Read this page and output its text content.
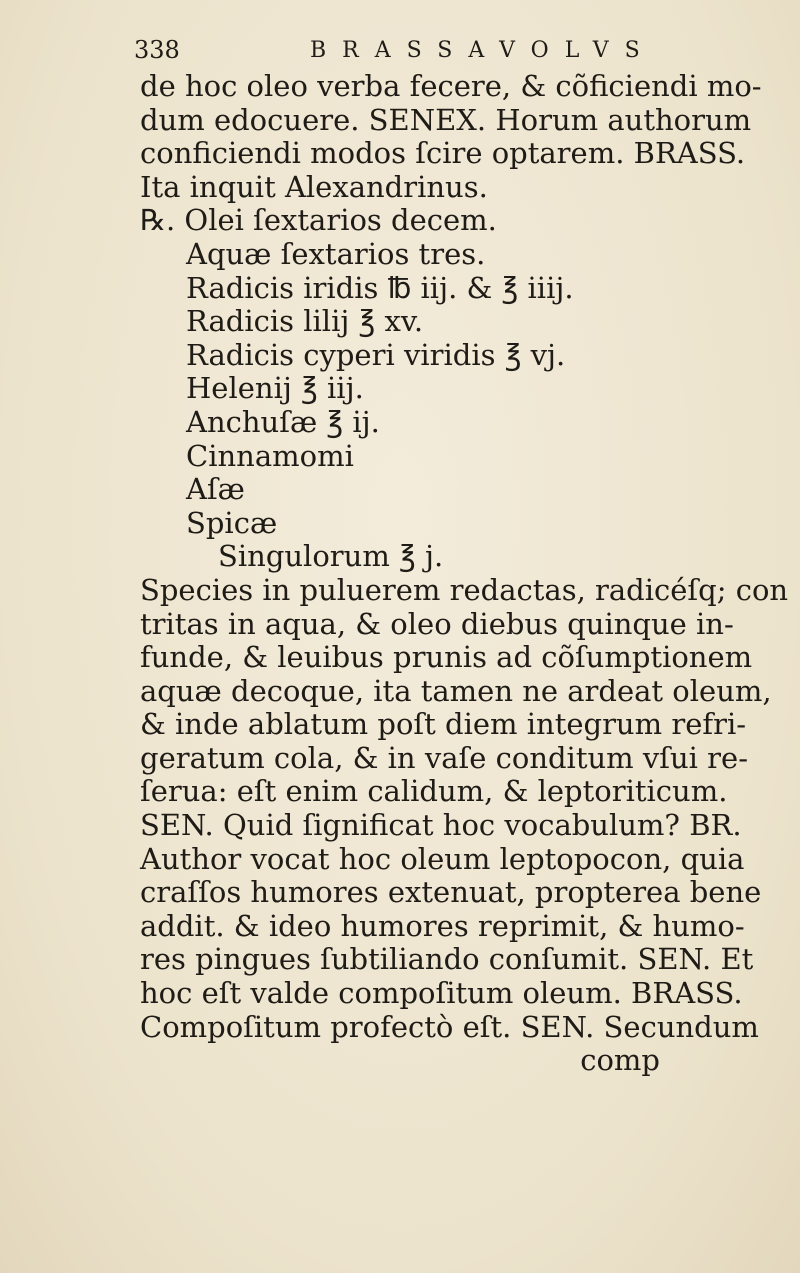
338	BRASSAVOLVS
de hoc oleo verba fecere, & cõficiendi mo-
dum edocuere. SENEX. Horum authorum
conficiendi modos ſcire optarem. BRASS.
Ita inquit Alexandrinus.
℞. Olei ſextarios decem.
Aquæ ſextarios tres.
Radicis iridis ℔ iij. & ℥ iiij.
Radicis lilij ℥ xv.
Radicis cyperi viridis ℥ vj.
Helenij ℥ iij.
Anchuſæ ℥ ij.
Cinnamomi
Aſæ
Spicæ
Singulorum ℥ j.
Species in puluerem redactas, radicéſq; con
tritas in aqua, & oleo diebus quinque in-
funde, & leuibus prunis ad cõſumptionem
aquæ decoque, ita tamen ne ardeat oleum,
& inde ablatum poſt diem integrum refri-
geratum cola, & in vaſe conditum vſui re-
ſerua: eſt enim calidum, & leptoriticum.
SEN. Quid ſignificat hoc vocabulum? BR.
Author vocat hoc oleum leptopocon, quia
craſſos humores extenuat, propterea bene
addit. & ideo humores reprimit, & humo-
res pingues ſubtiliando conſumit. SEN. Et
hoc eſt valde compoſitum oleum. BRASS.
Compoſitum profectò eſt. SEN. Secundum
comp
